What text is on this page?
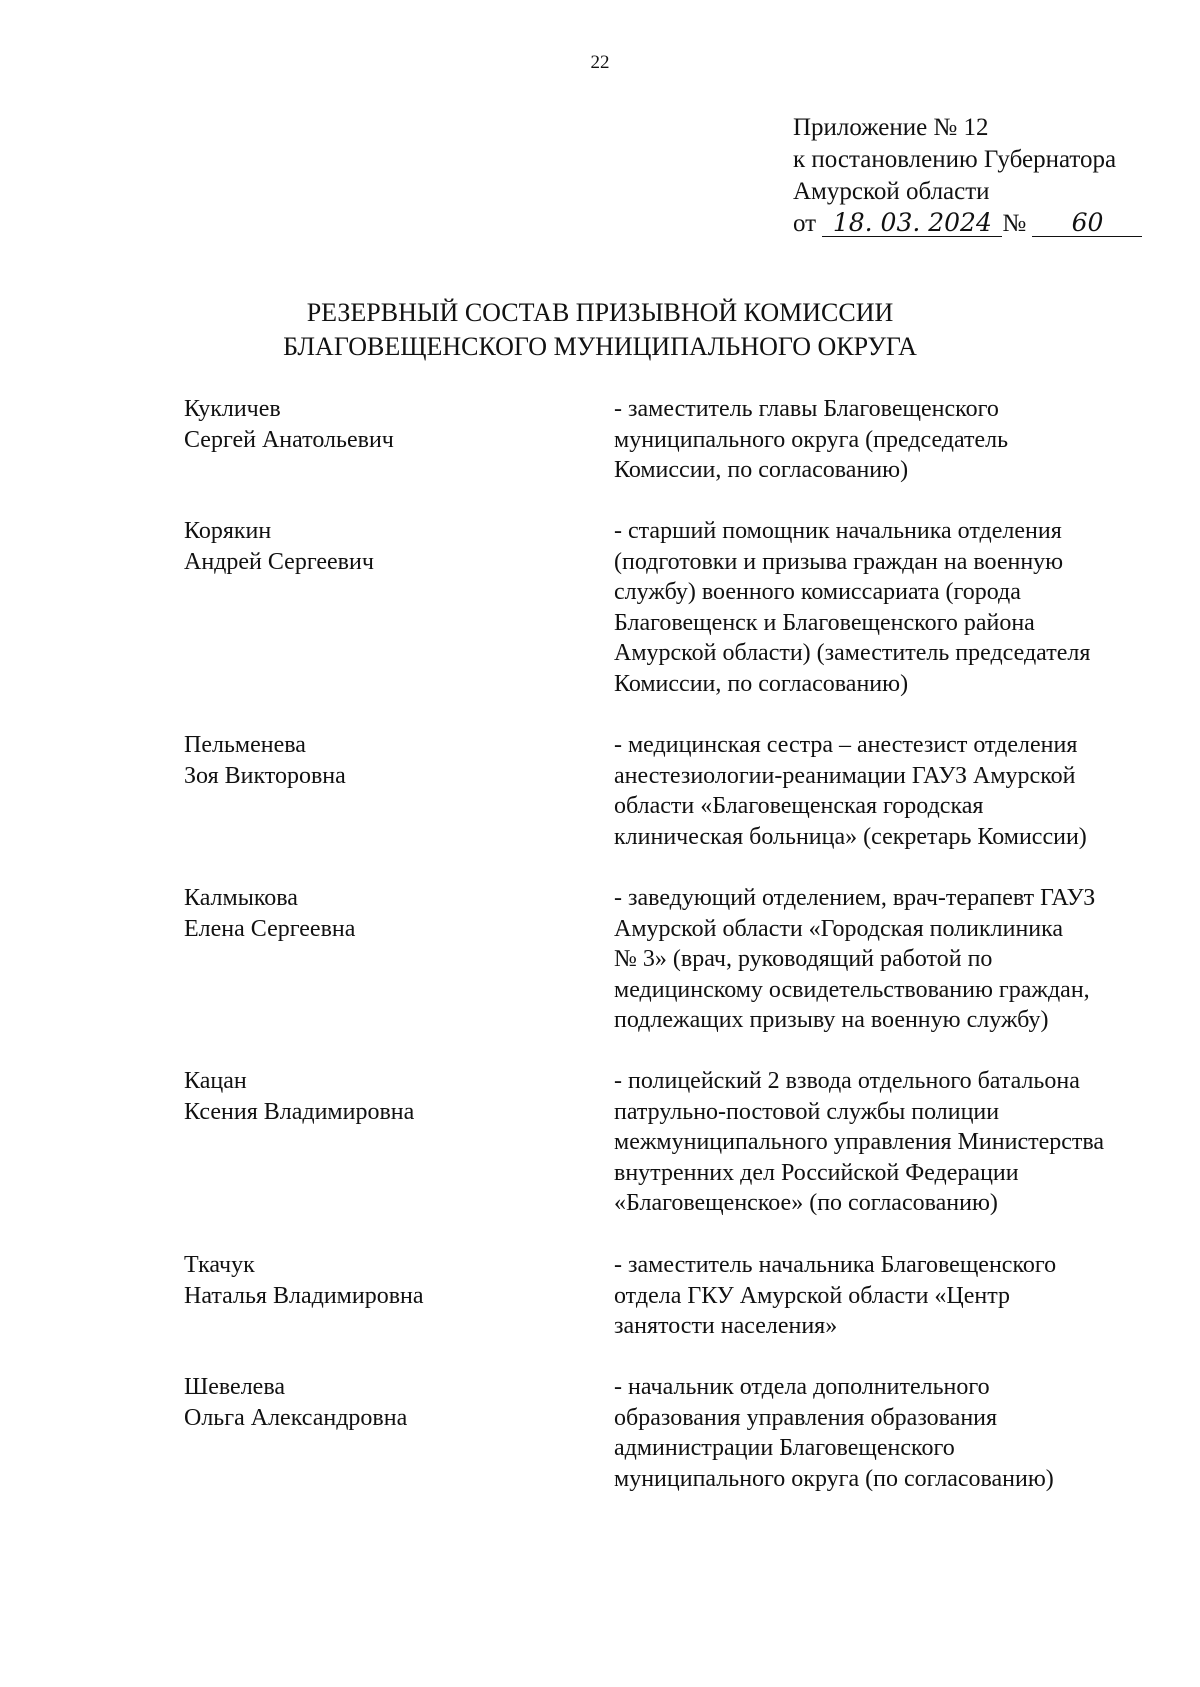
22
Приложение № 12
к постановлению Губернатора
Амурской области
от 18. 03. 2024 № 60
РЕЗЕРВНЫЙ СОСТАВ ПРИЗЫВНОЙ КОМИССИИ
БЛАГОВЕЩЕНСКОГО МУНИЦИПАЛЬНОГО ОКРУГА
Кукличев
Сергей Анатольевич
- заместитель главы Благовещенского
муниципального округа (председатель
Комиссии, по согласованию)
Корякин
Андрей Сергеевич
- старший помощник начальника отделения
(подготовки и призыва граждан на военную
службу) военного комиссариата (города
Благовещенск и Благовещенского района
Амурской области) (заместитель председателя
Комиссии, по согласованию)
Пельменева
Зоя Викторовна
- медицинская сестра – анестезист отделения
анестезиологии-реанимации ГАУЗ Амурской
области «Благовещенская городская
клиническая больница» (секретарь Комиссии)
Калмыкова
Елена Сергеевна
- заведующий отделением, врач-терапевт ГАУЗ
Амурской области «Городская поликлиника
№ 3» (врач, руководящий работой по
медицинскому освидетельствованию граждан,
подлежащих призыву на военную службу)
Кацан
Ксения Владимировна
- полицейский 2 взвода отдельного батальона
патрульно-постовой службы полиции
межмуниципального управления Министерства
внутренних дел Российской Федерации
«Благовещенское» (по согласованию)
Ткачук
Наталья Владимировна
- заместитель начальника Благовещенского
отдела ГКУ Амурской области «Центр
занятости населения»
Шевелева
Ольга Александровна
- начальник отдела дополнительного
образования управления образования
администрации Благовещенского
муниципального округа (по согласованию)
